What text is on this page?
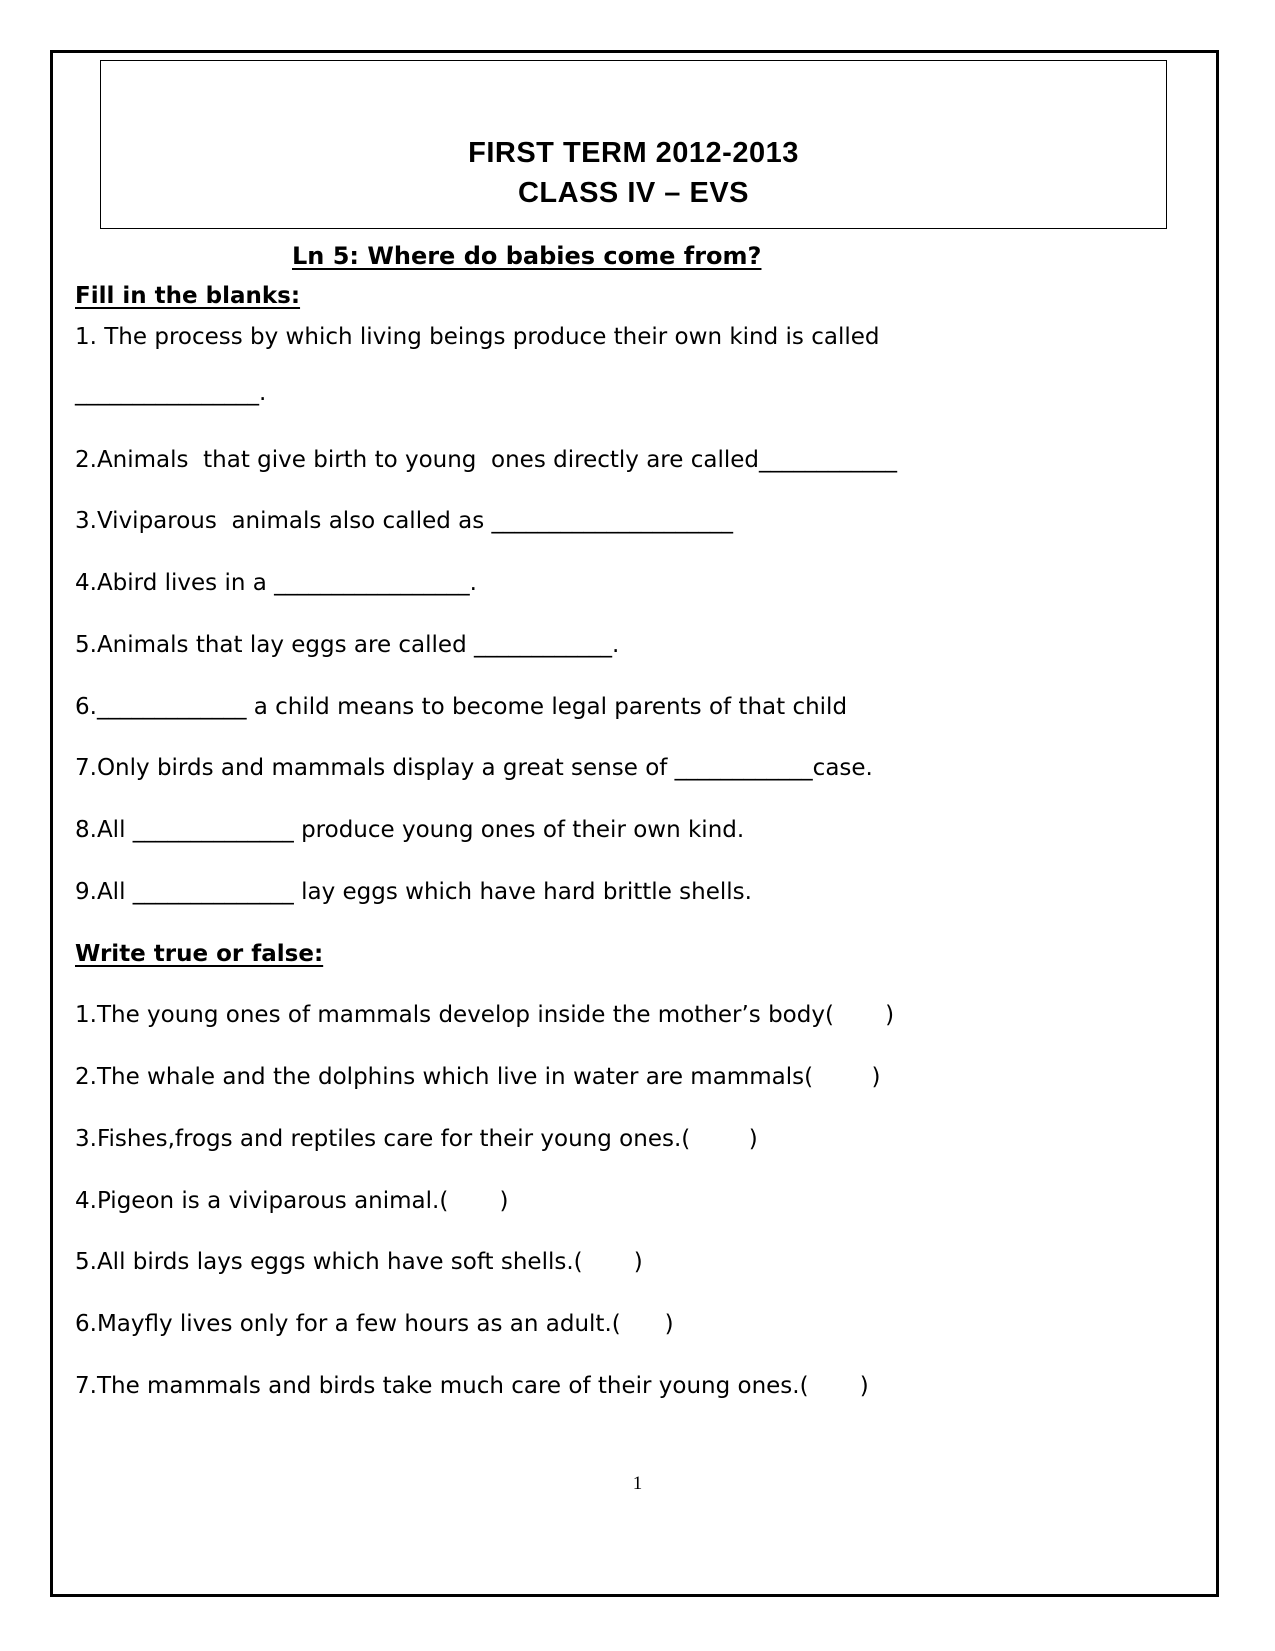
FIRST TERM 2012-2013
CLASS IV – EVS
Ln 5: Where do babies come from?
Fill in the blanks:
1. The process by which living beings produce their own kind is called
________________.
2.Animals  that give birth to young  ones directly are called____________
3.Viviparous  animals also called as _____________________
4.Abird lives in a _________________.
5.Animals that lay eggs are called ____________.
6._____________ a child means to become legal parents of that child
7.Only birds and mammals display a great sense of ____________case.
8.All ______________ produce young ones of their own kind.
9.All ______________ lay eggs which have hard brittle shells.
Write true or false:
1.The young ones of mammals develop inside the mother’s body(       )
2.The whale and the dolphins which live in water are mammals(        )
3.Fishes,frogs and reptiles care for their young ones.(        )
4.Pigeon is a viviparous animal.(       )
5.All birds lays eggs which have soft shells.(       )
6.Mayfly lives only for a few hours as an adult.(      )
7.The mammals and birds take much care of their young ones.(       )
1
